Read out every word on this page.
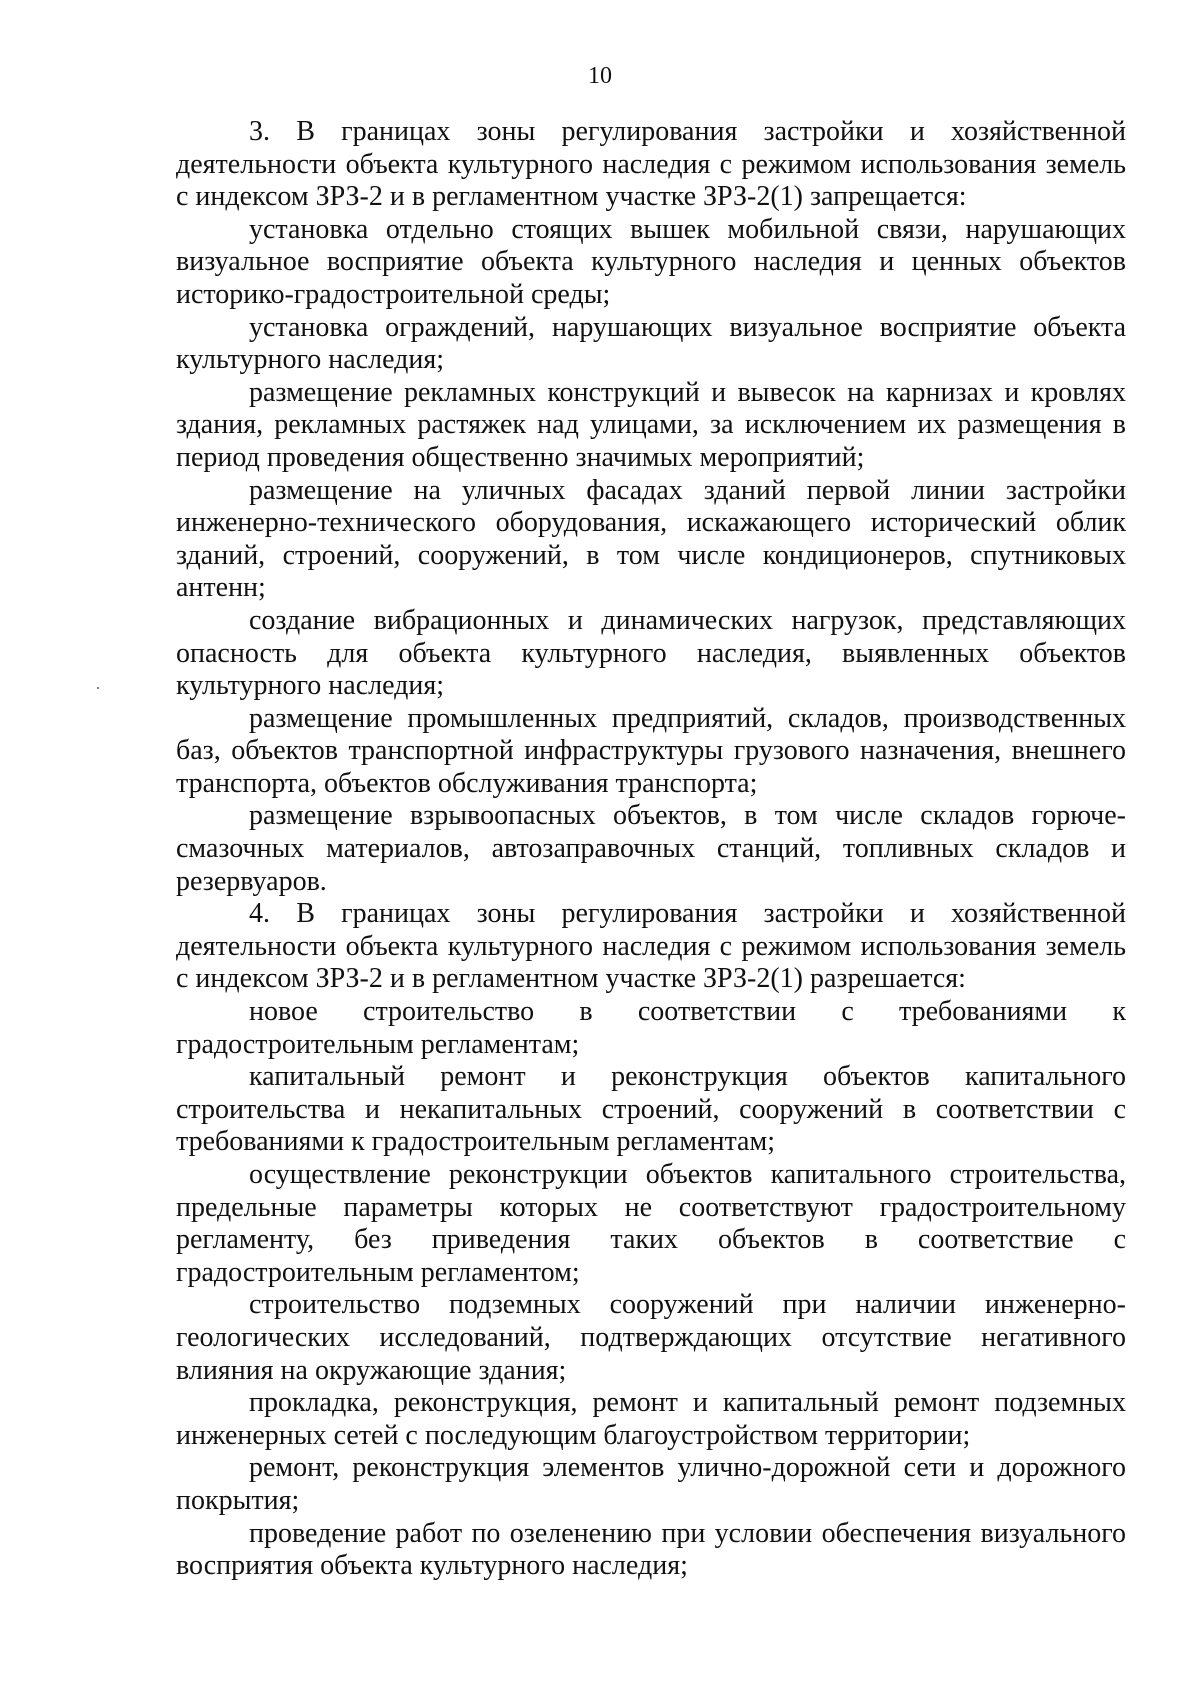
10

3. В границах зоны регулирования застройки и хозяйственной деятельности объекта культурного наследия с режимом использования земель с индексом ЗРЗ-2 и в регламентном участке ЗРЗ-2(1) запрещается:

установка отдельно стоящих вышек мобильной связи, нарушающих визуальное восприятие объекта культурного наследия и ценных объектов историко-градостроительной среды;

установка ограждений, нарушающих визуальное восприятие объекта культурного наследия;

размещение рекламных конструкций и вывесок на карнизах и кровлях здания, рекламных растяжек над улицами, за исключением их размещения в период проведения общественно значимых мероприятий;

размещение на уличных фасадах зданий первой линии застройки инженерно-технического оборудования, искажающего исторический облик зданий, строений, сооружений, в том числе кондиционеров, спутниковых антенн;

создание вибрационных и динамических нагрузок, представляющих опасность для объекта культурного наследия, выявленных объектов культурного наследия;

размещение промышленных предприятий, складов, производственных баз, объектов транспортной инфраструктуры грузового назначения, внешнего транспорта, объектов обслуживания транспорта;

размещение взрывоопасных объектов, в том числе складов горюче-смазочных материалов, автозаправочных станций, топливных складов и резервуаров.

4. В границах зоны регулирования застройки и хозяйственной деятельности объекта культурного наследия с режимом использования земель с индексом ЗРЗ-2 и в регламентном участке ЗРЗ-2(1) разрешается:

новое строительство в соответствии с требованиями к градостроительным регламентам;

капитальный ремонт и реконструкция объектов капитального строительства и некапитальных строений, сооружений в соответствии с требованиями к градостроительным регламентам;

осуществление реконструкции объектов капитального строительства, предельные параметры которых не соответствуют градостроительному регламенту, без приведения таких объектов в соответствие с градостроительным регламентом;

строительство подземных сооружений при наличии инженерно-геологических исследований, подтверждающих отсутствие негативного влияния на окружающие здания;

прокладка, реконструкция, ремонт и капитальный ремонт подземных инженерных сетей с последующим благоустройством территории;

ремонт, реконструкция элементов улично-дорожной сети и дорожного покрытия;

проведение работ по озеленению при условии обеспечения визуального восприятия объекта культурного наследия;
